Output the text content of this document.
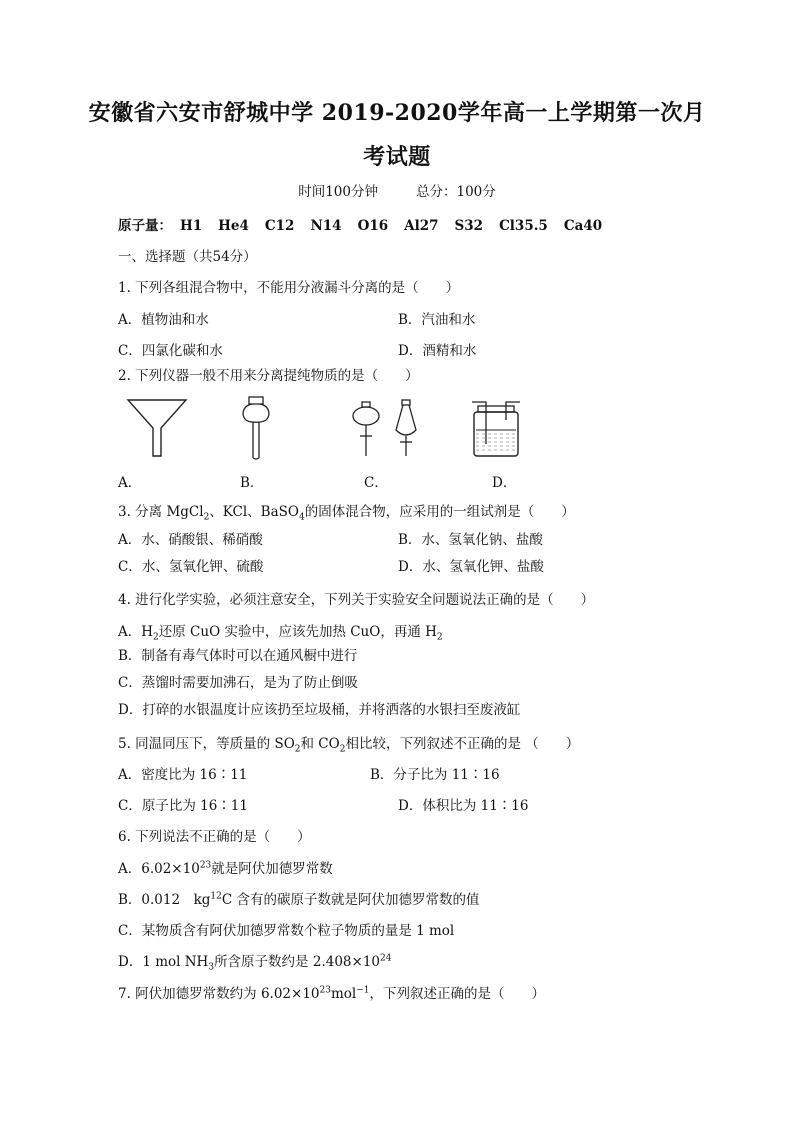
安徽省六安市舒城中学 2019-2020学年高一上学期第一次月
考试题
时间100分钟	总分：100分
原子量： H1 He4 C12 N14 O16 Al27 S32 Cl35.5 Ca40
一、选择题（共54分）
1. 下列各组混合物中，不能用分液漏斗分离的是（　　）
A．植物油和水	B．汽油和水
C．四氯化碳和水	D．酒精和水
2. 下列仪器一般不用来分离提纯物质的是（　　）
A．	B．	C．	D．
3. 分离 MgCl$_2$、KCl、BaSO$_4$的固体混合物，应采用的一组试剂是（　　）
A．水、硝酸银、稀硝酸	B．水、氢氧化钠、盐酸
C．水、氢氧化钾、硫酸	D．水、氢氧化钾、盐酸
4. 进行化学实验，必须注意安全，下列关于实验安全问题说法正确的是（　　）
A．$H_2$还原 CuO 实验中，应该先加热 CuO，再通 $H_2$
B．制备有毒气体时可以在通风橱中进行
C．蒸馏时需要加沸石，是为了防止倒吸
D．打碎的水银温度计应该扔至垃圾桶，并将洒落的水银扫至废液缸
5. 同温同压下，等质量的 $SO_2$和 $CO_2$相比较，下列叙述不正确的是 （　　）
A．密度比为 16∶11	B．分子比为 11∶16
C．原子比为 16∶11	D．体积比为 11∶16
6. 下列说法不正确的是（　　）
A．$6.02\times 10^{23}$就是阿伏加德罗常数
B．0.012　$kg^{12}C$ 含有的碳原子数就是阿伏加德罗常数的值
C．某物质含有阿伏加德罗常数个粒子物质的量是 1 mol
D．1 mol $NH_3$所含原子数约是 $2.408\times 10^{24}$
7. 阿伏加德罗常数约为 $6.02\times 10^{23}mol^{-1}$，下列叙述正确的是（　　）
